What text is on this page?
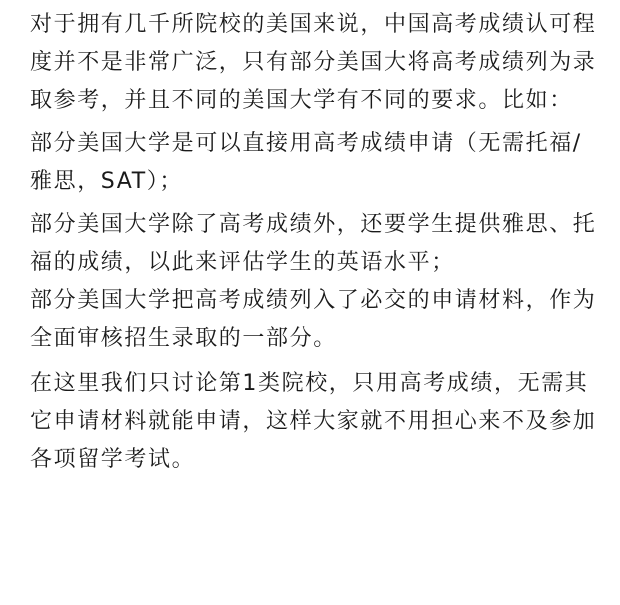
对于拥有几千所院校的美国来说，中国高考成绩认可程度并不是非常广泛，只有部分美国大将高考成绩列为录取参考，并且不同的美国大学有不同的要求。比如：

部分美国大学是可以直接用高考成绩申请（无需托福/雅思，SAT）；

部分美国大学除了高考成绩外，还要学生提供雅思、托福的成绩，以此来评估学生的英语水平；

部分美国大学把高考成绩列入了必交的申请材料，作为全面审核招生录取的一部分。

在这里我们只讨论第1类院校，只用高考成绩，无需其它申请材料就能申请，这样大家就不用担心来不及参加各项留学考试。
